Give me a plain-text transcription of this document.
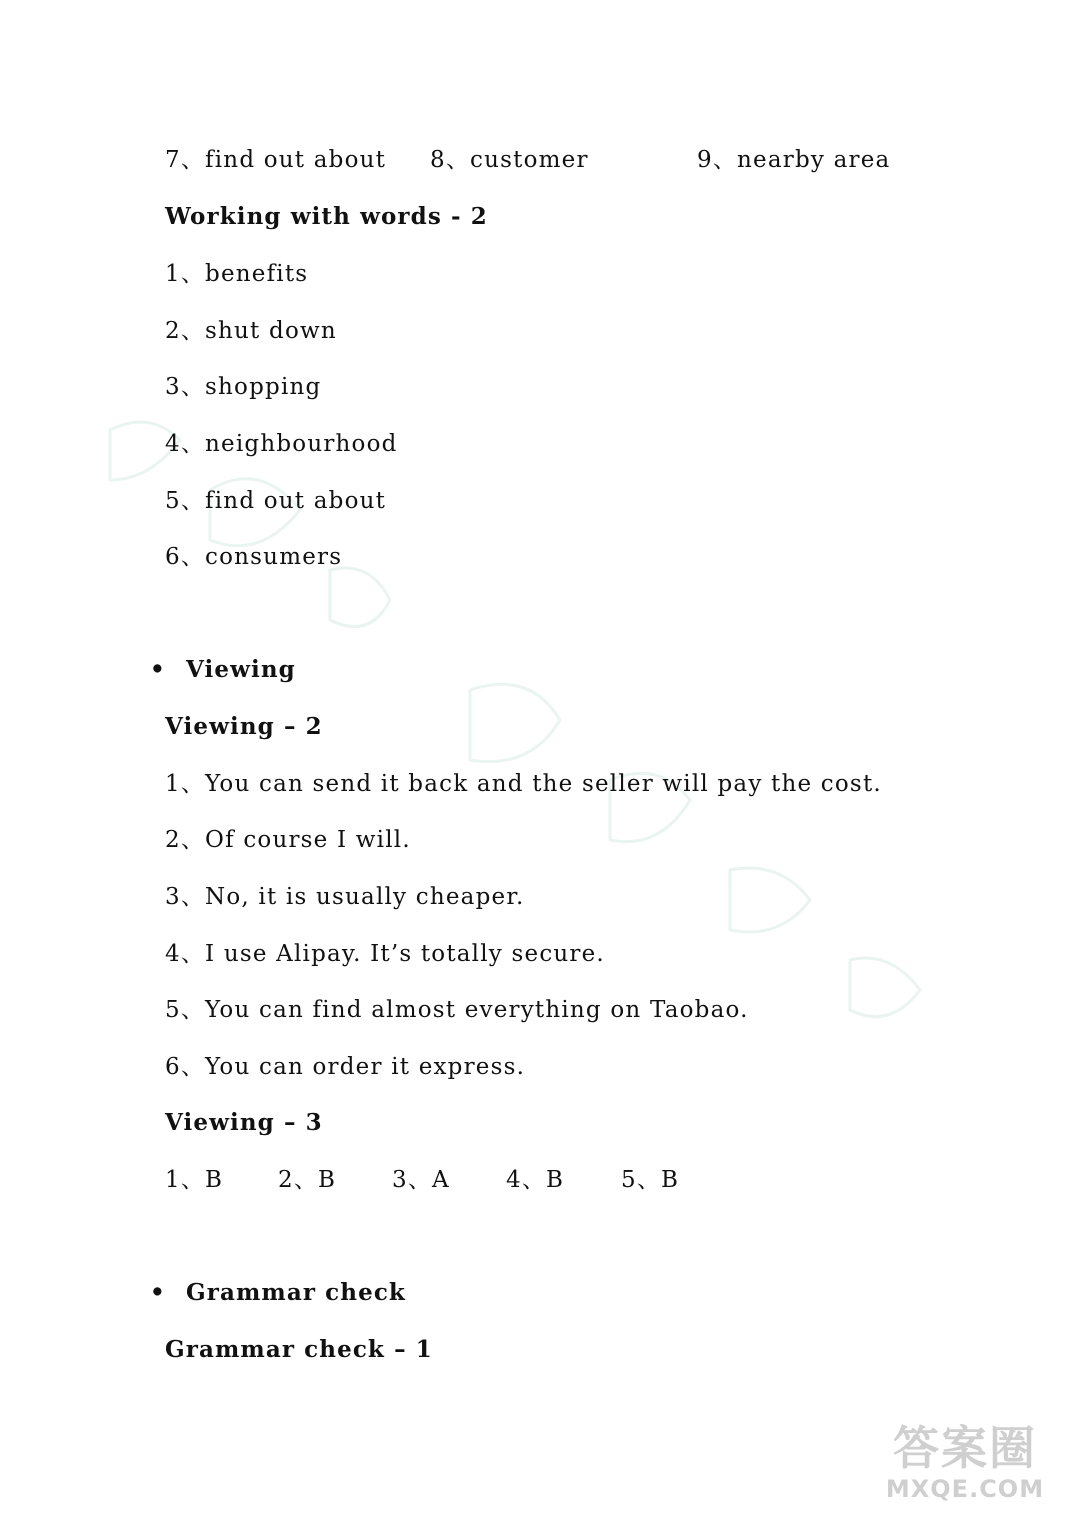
7、find out about 8、customer	9、nearby area
Working with words - 2
1、benefits
2、shut down
3、shopping
4、neighbourhood
5、find out about
6、consumers
• Viewing
Viewing – 2
1、You can send it back and the seller will pay the cost.
2、Of course I will.
3、No, it is usually cheaper.
4、I use Alipay. It’s totally secure.
5、You can find almost everything on Taobao.
6、You can order it express.
Viewing – 3
1、B 2、B 3、A 4、B 5、B
• Grammar check
Grammar check – 1
答案圈
MXQE.COM
